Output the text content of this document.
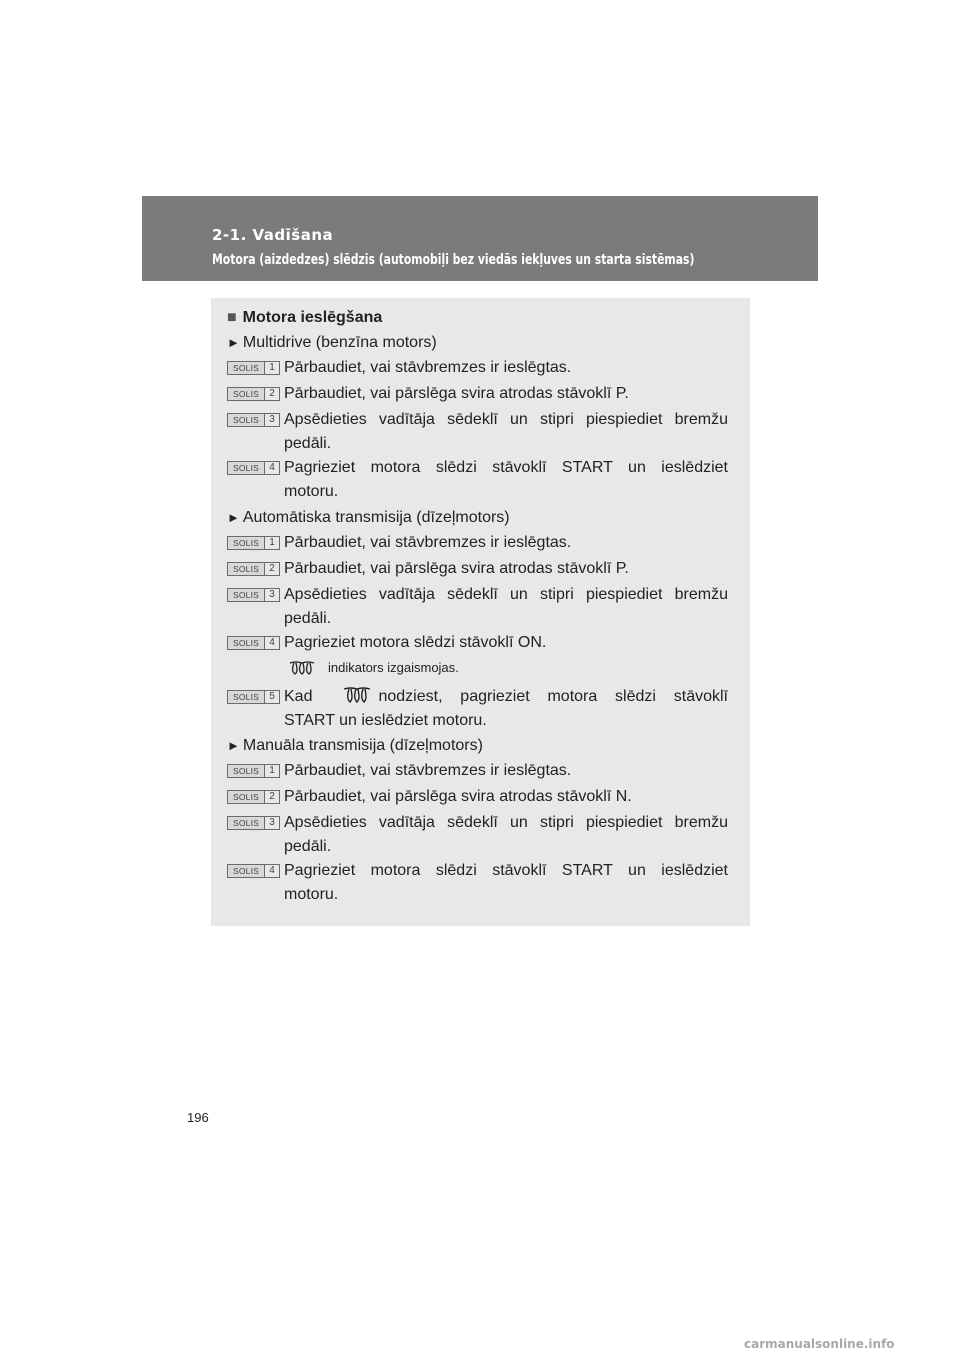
2-1. Vadīšana
Motora (aizdedzes) slēdzis (automobiļi bez viedās iekļuves un starta sistēmas)
■ Motora ieslēgšana
► Multidrive (benzīna motors)
SOLIS	1 Pārbaudiet, vai stāvbremzes ir ieslēgtas.
SOLIS	2 Pārbaudiet, vai pārslēga svira atrodas stāvoklī P.
SOLIS	3 Apsēdieties vadītāja sēdeklī un stipri piespiediet bremžu
pedāli.
SOLIS	4 Pagrieziet motora slēdzi stāvoklī START un ieslēdziet
motoru.
► Automātiska transmisija (dīzeļmotors)
SOLIS	1 Pārbaudiet, vai stāvbremzes ir ieslēgtas.
SOLIS	2 Pārbaudiet, vai pārslēga svira atrodas stāvoklī P.
SOLIS	3 Apsēdieties vadītāja sēdeklī un stipri piespiediet bremžu
pedāli.
SOLIS	4 Pagrieziet motora slēdzi stāvoklī ON.
indikators izgaismojas.
SOLIS	5 Kad	nodziest, pagrieziet motora slēdzi stāvoklī
START un ieslēdziet motoru.
► Manuāla transmisija (dīzeļmotors)
SOLIS	1 Pārbaudiet, vai stāvbremzes ir ieslēgtas.
SOLIS	2 Pārbaudiet, vai pārslēga svira atrodas stāvoklī N.
SOLIS	3 Apsēdieties vadītāja sēdeklī un stipri piespiediet bremžu
pedāli.
SOLIS	4 Pagrieziet motora slēdzi stāvoklī START un ieslēdziet
motoru.
196
carmanualsonline.info
